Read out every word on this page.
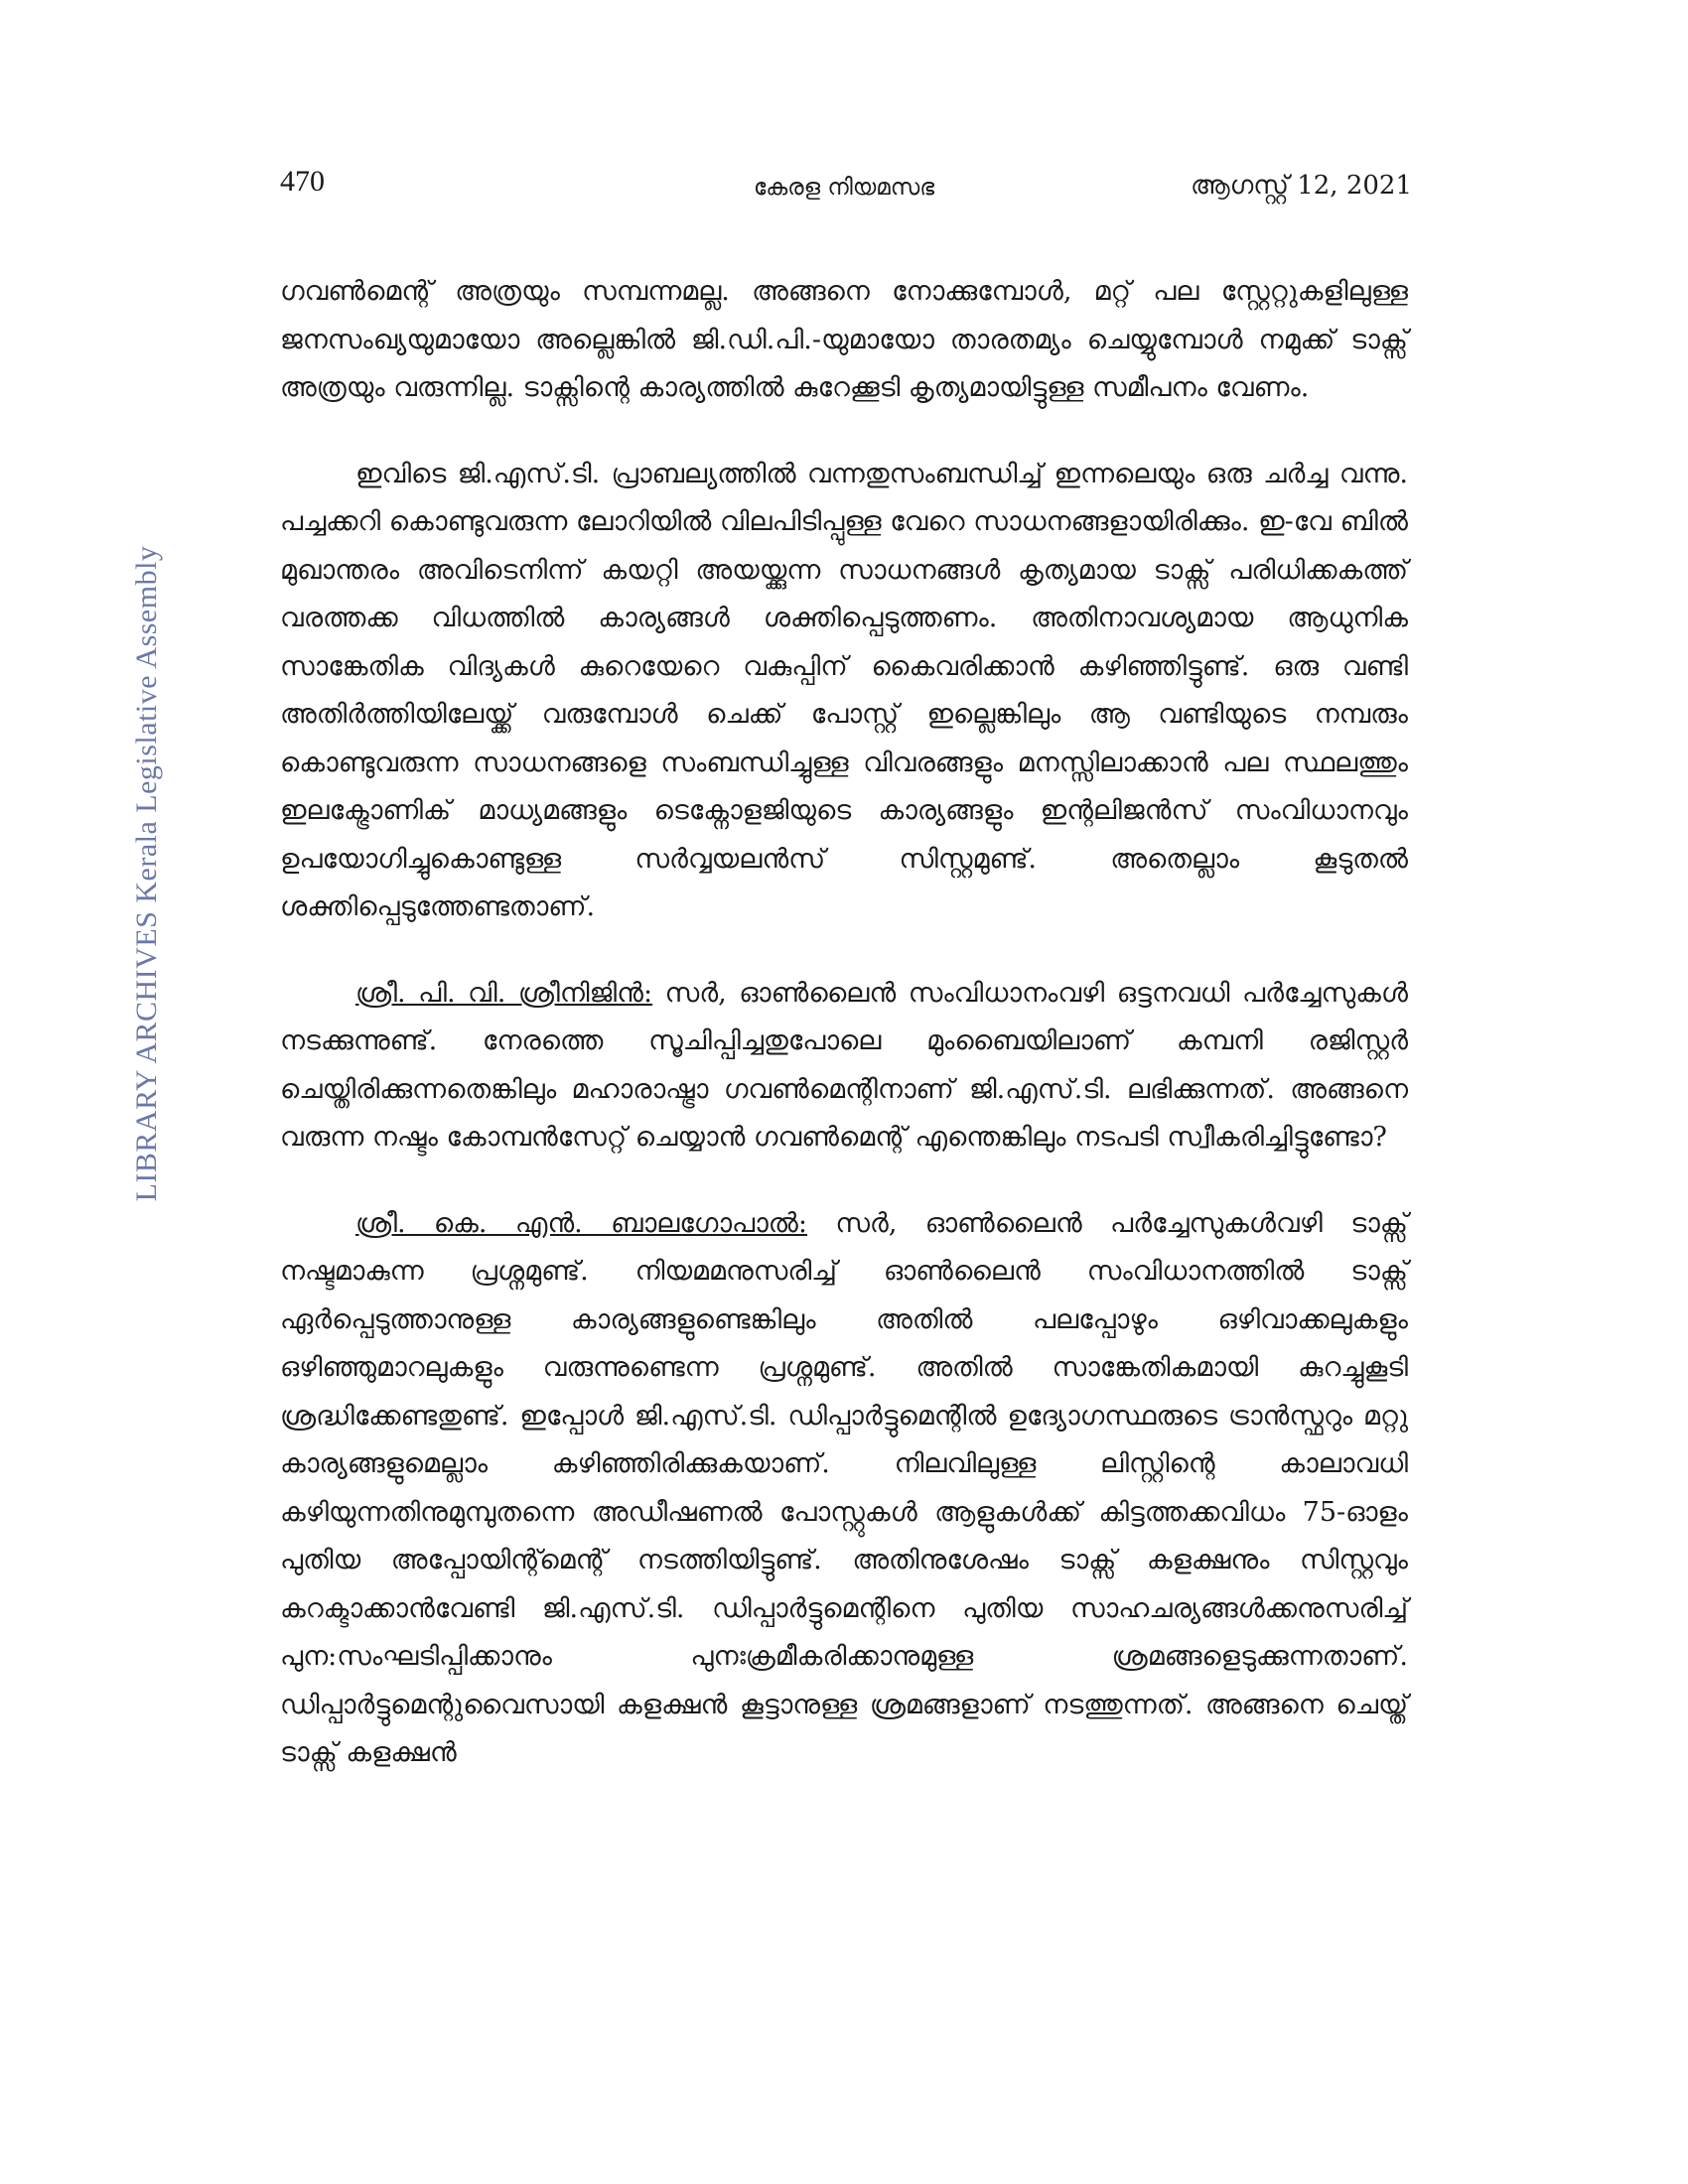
470	കേരള നിയമസഭ	ആഗസ്റ്റ് 12, 2021
LIBRARY ARCHIVES Kerala Legislative Assembly

ഗവൺമെന്റ് അത്രയും സമ്പന്നമല്ല. അങ്ങനെ നോക്കുമ്പോൾ, മറ്റ് പല സ്റ്റേറ്റുകളിലുള്ള ജനസംഖ്യയുമായോ അല്ലെങ്കിൽ ജി.ഡി.പി.-യുമായോ താരതമ്യം ചെയ്യുമ്പോൾ നമുക്ക് ടാക്സ് അത്രയും വരുന്നില്ല. ടാക്സിന്റെ കാര്യത്തിൽ കുറേക്കൂടി കൃത്യമായിട്ടുള്ള സമീപനം വേണം.

ഇവിടെ ജി.എസ്.ടി. പ്രാബല്യത്തിൽ വന്നതുസംബന്ധിച്ച് ഇന്നലെയും ഒരു ചർച്ച വന്നു. പച്ചക്കറി കൊണ്ടുവരുന്ന ലോറിയിൽ വിലപിടിപ്പുള്ള വേറെ സാധനങ്ങളായിരിക്കും. ഇ-വേ ബിൽ മുഖാന്തരം അവിടെനിന്ന് കയറ്റി അയയ്ക്കുന്ന സാധനങ്ങൾ കൃത്യമായ ടാക്സ് പരിധിക്കകത്ത് വരത്തക്ക വിധത്തിൽ കാര്യങ്ങൾ ശക്തിപ്പെടുത്തണം. അതിനാവശ്യമായ ആധുനിക സാങ്കേതിക വിദ്യകൾ കുറെയേറെ വകുപ്പിന് കൈവരിക്കാൻ കഴിഞ്ഞിട്ടുണ്ട്. ഒരു വണ്ടി അതിർത്തിയിലേയ്ക്ക് വരുമ്പോൾ ചെക്ക് പോസ്റ്റ് ഇല്ലെങ്കിലും ആ വണ്ടിയുടെ നമ്പരും കൊണ്ടുവരുന്ന സാധനങ്ങളെ സംബന്ധിച്ചുള്ള വിവരങ്ങളും മനസ്സിലാക്കാൻ പല സ്ഥലത്തും ഇലക്ട്രോണിക് മാധ്യമങ്ങളും ടെക്നോളജിയുടെ കാര്യങ്ങളും ഇന്റലിജൻസ് സംവിധാനവും ഉപയോഗിച്ചുകൊണ്ടുള്ള സർവ്വയലൻസ് സിസ്റ്റമുണ്ട്. അതെല്ലാം കൂടുതൽ ശക്തിപ്പെടുത്തേണ്ടതാണ്.

ശ്രീ. പി. വി. ശ്രീനിജിൻ: സർ, ഓൺലൈൻ സംവിധാനംവഴി ഒട്ടനവധി പർച്ചേസുകൾ നടക്കുന്നുണ്ട്. നേരത്തെ സൂചിപ്പിച്ചതുപോലെ മുംബൈയിലാണ് കമ്പനി രജിസ്റ്റർ ചെയ്തിരിക്കുന്നതെങ്കിലും മഹാരാഷ്ട്രാ ഗവൺമെന്റിനാണ് ജി.എസ്.ടി. ലഭിക്കുന്നത്. അങ്ങനെ വരുന്ന നഷ്ടം കോമ്പൻസേറ്റ് ചെയ്യാൻ ഗവൺമെന്റ് എന്തെങ്കിലും നടപടി സ്വീകരിച്ചിട്ടുണ്ടോ?

ശ്രീ. കെ. എൻ. ബാലഗോപാൽ: സർ, ഓൺലൈൻ പർച്ചേസുകൾവഴി ടാക്സ് നഷ്ടമാകുന്ന പ്രശ്നമുണ്ട്. നിയമമനുസരിച്ച് ഓൺലൈൻ സംവിധാനത്തിൽ ടാക്സ് ഏർപ്പെടുത്താനുള്ള കാര്യങ്ങളുണ്ടെങ്കിലും അതിൽ പലപ്പോഴും ഒഴിവാക്കലുകളും ഒഴിഞ്ഞുമാറലുകളും വരുന്നുണ്ടെന്ന പ്രശ്നമുണ്ട്. അതിൽ സാങ്കേതികമായി കുറച്ചുകൂടി ശ്രദ്ധിക്കേണ്ടതുണ്ട്. ഇപ്പോൾ ജി.എസ്.ടി. ഡിപ്പാർട്ടുമെന്റിൽ ഉദ്യോഗസ്ഥരുടെ ട്രാൻസ്ഫറും മറ്റു കാര്യങ്ങളുമെല്ലാം കഴിഞ്ഞിരിക്കുകയാണ്. നിലവിലുള്ള ലിസ്റ്റിന്റെ കാലാവധി കഴിയുന്നതിനുമുമ്പുതന്നെ അഡീഷണൽ പോസ്റ്റുകൾ ആളുകൾക്ക് കിട്ടത്തക്കവിധം 75-ഓളം പുതിയ അപ്പോയിന്റ്മെന്റ് നടത്തിയിട്ടുണ്ട്. അതിനുശേഷം ടാക്സ് കളക്ഷനും സിസ്റ്റവും കറക്ടാക്കാൻവേണ്ടി ജി.എസ്.ടി. ഡിപ്പാർട്ടുമെന്റിനെ പുതിയ സാഹചര്യങ്ങൾക്കനുസരിച്ച് പുന:സംഘടിപ്പിക്കാനും പുനഃക്രമീകരിക്കാനുമുള്ള ശ്രമങ്ങളെടുക്കുന്നതാണ്. ഡിപ്പാർട്ടുമെന്റുവൈസായി കളക്ഷൻ കൂട്ടാനുള്ള ശ്രമങ്ങളാണ് നടത്തുന്നത്. അങ്ങനെ ചെയ്ത് ടാക്സ് കളക്ഷൻ
